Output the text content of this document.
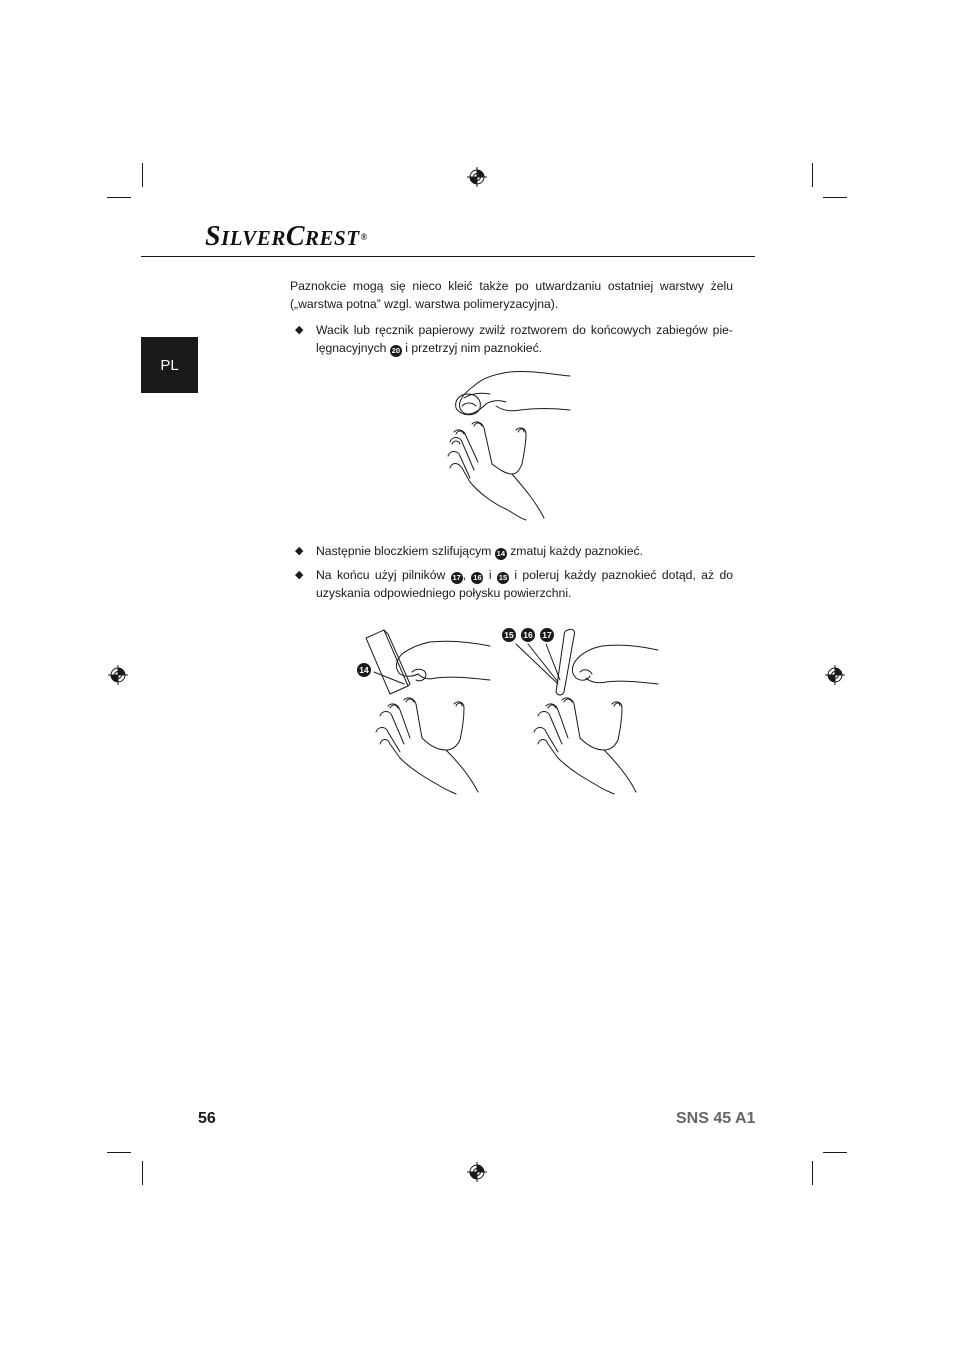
SILVERCREST®
PL
Paznokcie mogą się nieco kleić także po utwardzaniu ostatniej warstwy żelu („warstwa potna” wzgl. warstwa polimeryzacyjna).
◆ Wacik lub ręcznik papierowy zwilż roztworem do końcowych zabiegów pie-lęgnacyjnych 20 i przetrzyj nim paznokieć.
◆ Następnie bloczkiem szlifującym 14 zmatuj każdy paznokieć.
◆ Na końcu użyj pilników 17 , 16 i 15 i poleruj każdy paznokieć dotąd, aż do uzyskania odpowiedniego połysku powierzchni.
14
15 16 17
56	SNS 45 A1
